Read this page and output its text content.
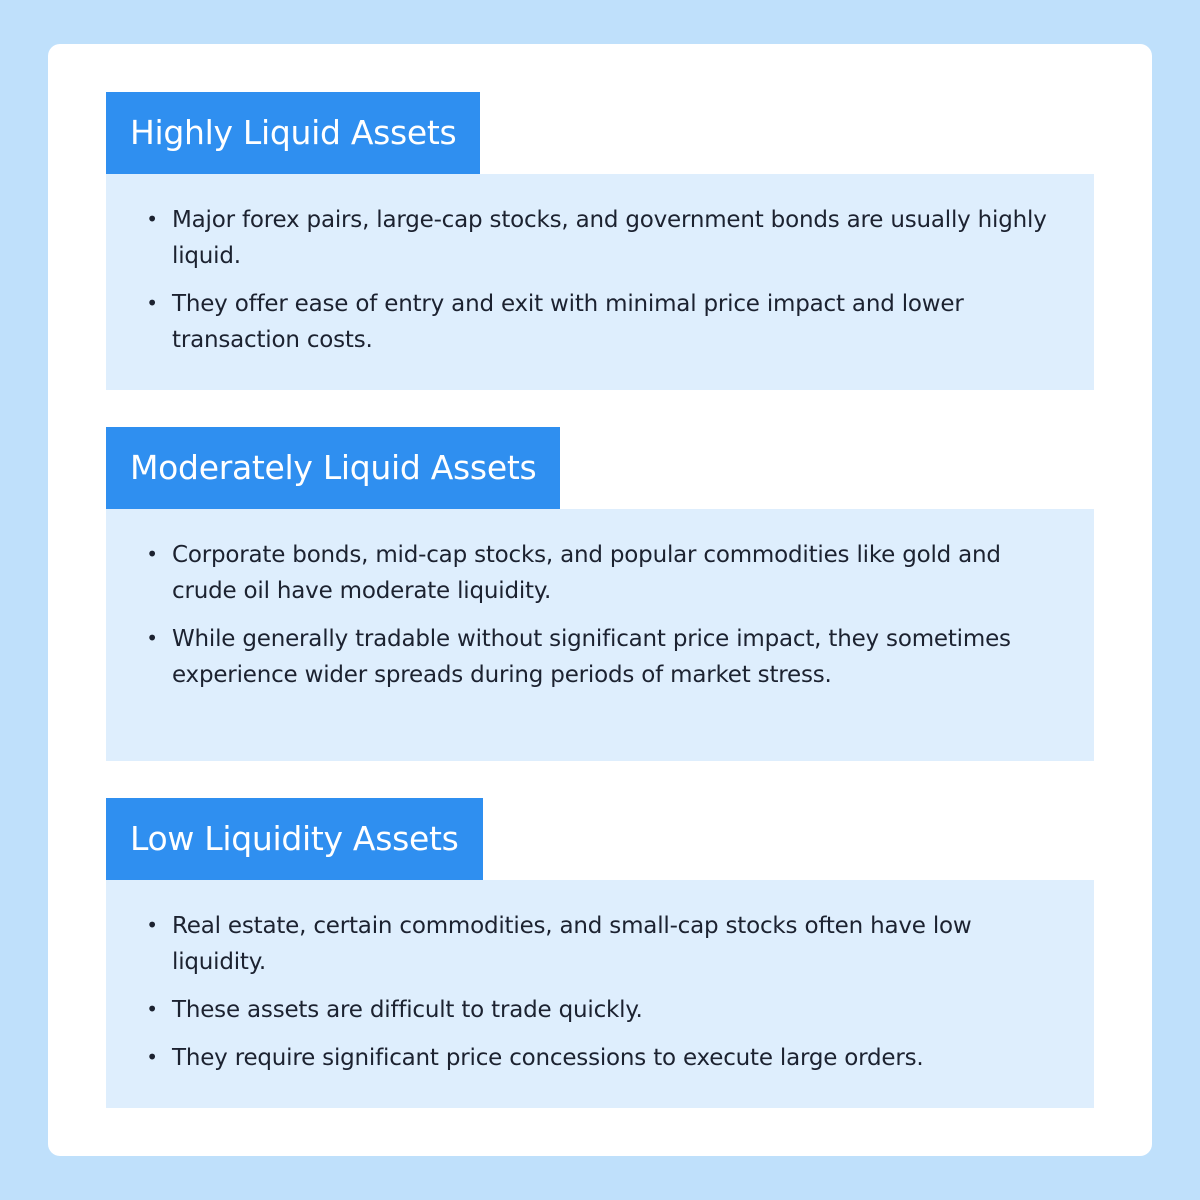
Highly Liquid Assets
• Major forex pairs, large-cap stocks, and government bonds are usually highly liquid.
• They offer ease of entry and exit with minimal price impact and lower transaction costs.
Moderately Liquid Assets
• Corporate bonds, mid-cap stocks, and popular commodities like gold and crude oil have moderate liquidity.
• While generally tradable without significant price impact, they sometimes experience wider spreads during periods of market stress.
Low Liquidity Assets
• Real estate, certain commodities, and small-cap stocks often have low liquidity.
• These assets are difficult to trade quickly.
• They require significant price concessions to execute large orders.
